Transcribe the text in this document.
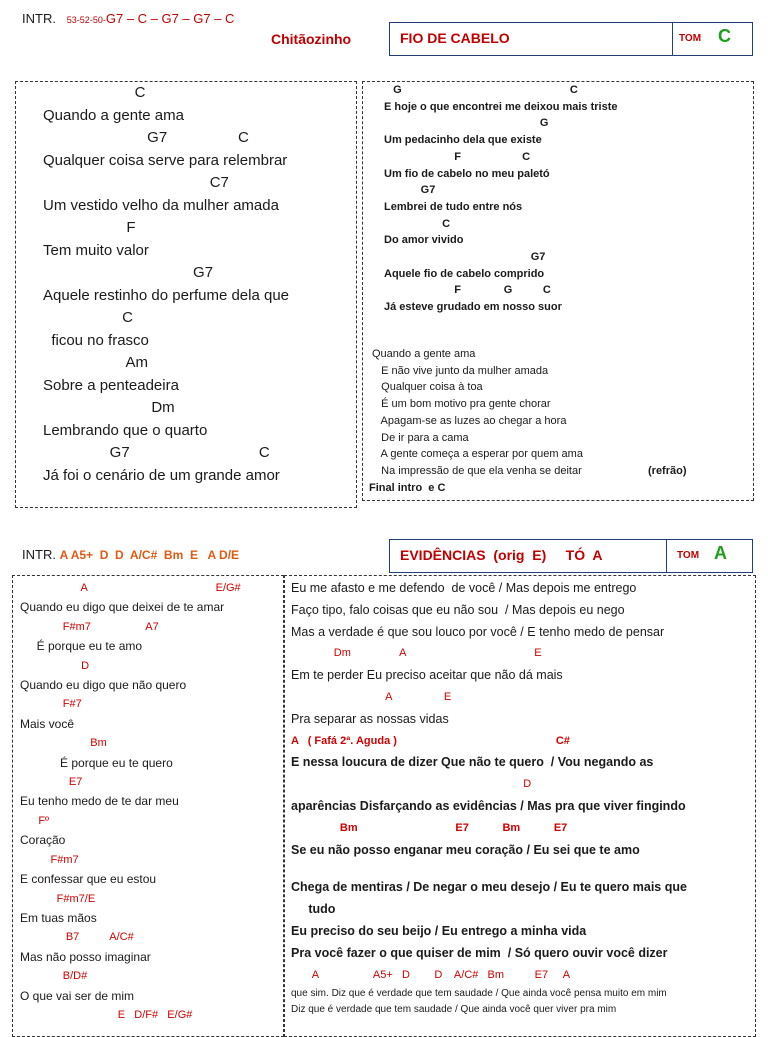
INTR. 53-52-50-G7 – C – G7 – G7 – C
Chitãozinho	FIO DE CABELO	TOM C
C
Quando a gente ama
G7                 C
Qualquer coisa serve para relembrar
C7
Um vestido velho da mulher amada
F
Tem muito valor
G7
Aquele restinho do perfume dela que
C
ficou no frasco
Am
Sobre a penteadeira
Dm
Lembrando que o quarto
G7                               C
Já foi o cenário de um grande amor
G                                                       C
E hoje o que encontrei me deixou mais triste
G
Um pedacinho dela que existe
F                    C
Um fio de cabelo no meu paletó
G7
Lembrei de tudo entre nós
C
Do amor vivido
G7
Aquele fio de cabelo comprido
F              G          C
Já esteve grudado em nosso suor
Quando a gente ama
E não vive junto da mulher amada
Qualquer coisa à toa
É um bom motivo pra gente chorar
Apagam-se as luzes ao chegar a hora
De ir para a cama
A gente começa a esperar por quem ama
Na impressão de que ela venha se deitar	(refrão)
Final intro  e C
INTR. A A5+  D  D  A/C#  Bm  E   A D/E	EVIDÊNCIAS  (orig  E)     TÓ  A	TOM A
A                                          E/G#
Quando eu digo que deixei de te amar
F#m7                  A7
É porque eu te amo
D
Quando eu digo que não quero
F#7
Mais você
Bm
É porque eu te quero
E7
Eu tenho medo de te dar meu
Fº
Coração
F#m7
E confessar que eu estou
F#m7/E
Em tuas mãos
B7          A/C#
Mas não posso imaginar
B/D#
O que vai ser de mim
E   D/F#   E/G#
Eu me afasto e me defendo  de você / Mas depois me entrego
Faço tipo, falo coisas que eu não sou  / Mas depois eu nego
Mas a verdade é que sou louco por você / E tenho medo de pensar
Dm                A                                          E
Em te perder Eu preciso aceitar que não dá mais
A                 E
Pra separar as nossas vidas
A   ( Fafá 2ª. Aguda )                                                    C#
E nessa loucura de dizer Que não te quero  / Vou negando as
D
aparências Disfarçando as evidências / Mas pra que viver fingindo
Bm                                E7           Bm           E7
Se eu não posso enganar meu coração / Eu sei que te amo
Chega de mentiras / De negar o meu desejo / Eu te quero mais que
tudo
Eu preciso do seu beijo / Eu entrego a minha vida
Pra você fazer o que quiser de mim  / Só quero ouvir você dizer
A                  A5+   D        D    A/C#   Bm          E7     A
que sim. Diz que é verdade que tem saudade / Que ainda você pensa muito em mim
Diz que é verdade que tem saudade / Que ainda você quer viver pra mim
